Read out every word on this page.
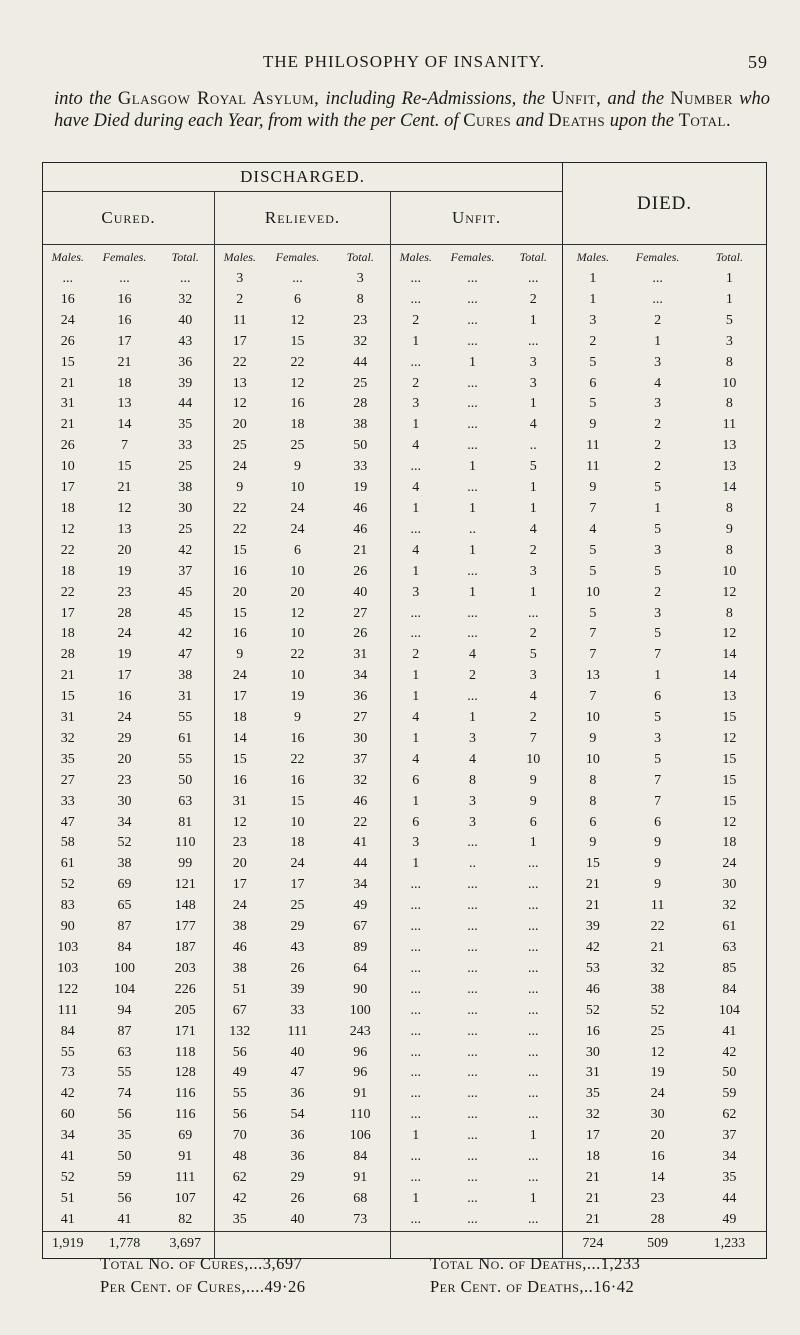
THE PHILOSOPHY OF INSANITY.	59
into the Glasgow Royal Asylum, including Re-Admissions, the Unfit, and the Number who have Died during each Year, from with the per Cent. of Cures and Deaths upon the Total.
DISCHARGED.									DIED.		
Cured.			Relieved.			Unfit.					
Males.	Females.	Total.	Males.	Females.	Total.	Males.	Females.	Total.	Males.	Females.	Total.
...	...	...	3	...	3	...	...	...	1	...	1
16	16	32	2	6	8	...	...	2	1	...	1
24	16	40	11	12	23	2	...	1	3	2	5
26	17	43	17	15	32	1	...	...	2	1	3
15	21	36	22	22	44	...	1	3	5	3	8
21	18	39	13	12	25	2	...	3	6	4	10
31	13	44	12	16	28	3	...	1	5	3	8
21	14	35	20	18	38	1	...	4	9	2	11
26	7	33	25	25	50	4	...	..	11	2	13
10	15	25	24	9	33	...	1	5	11	2	13
17	21	38	9	10	19	4	...	1	9	5	14
18	12	30	22	24	46	1	1	1	7	1	8
12	13	25	22	24	46	...	..	4	4	5	9
22	20	42	15	6	21	4	1	2	5	3	8
18	19	37	16	10	26	1	...	3	5	5	10
22	23	45	20	20	40	3	1	1	10	2	12
17	28	45	15	12	27	...	...	...	5	3	8
18	24	42	16	10	26	...	...	2	7	5	12
28	19	47	9	22	31	2	4	5	7	7	14
21	17	38	24	10	34	1	2	3	13	1	14
15	16	31	17	19	36	1	...	4	7	6	13
31	24	55	18	9	27	4	1	2	10	5	15
32	29	61	14	16	30	1	3	7	9	3	12
35	20	55	15	22	37	4	4	10	10	5	15
27	23	50	16	16	32	6	8	9	8	7	15
33	30	63	31	15	46	1	3	9	8	7	15
47	34	81	12	10	22	6	3	6	6	6	12
58	52	110	23	18	41	3	...	1	9	9	18
61	38	99	20	24	44	1	..	...	15	9	24
52	69	121	17	17	34	...	...	...	21	9	30
83	65	148	24	25	49	...	...	...	21	11	32
90	87	177	38	29	67	...	...	...	39	22	61
103	84	187	46	43	89	...	...	...	42	21	63
103	100	203	38	26	64	...	...	...	53	32	85
122	104	226	51	39	90	...	...	...	46	38	84
111	94	205	67	33	100	...	...	...	52	52	104
84	87	171	132	111	243	...	...	...	16	25	41
55	63	118	56	40	96	...	...	...	30	12	42
73	55	128	49	47	96	...	...	...	31	19	50
42	74	116	55	36	91	...	...	...	35	24	59
60	56	116	56	54	110	...	...	...	32	30	62
34	35	69	70	36	106	1	...	1	17	20	37
41	50	91	48	36	84	...	...	...	18	16	34
52	59	111	62	29	91	...	...	...	21	14	35
51	56	107	42	26	68	1	...	1	21	23	44
41	41	82	35	40	73	...	...	...	21	28	49
1,919	1,778	3,697							724	509	1,233
Total No. of Cures,...3,697
Per Cent. of Cures,....49·26
Total No. of Deaths,...1,233
Per Cent. of Deaths,..16·42
